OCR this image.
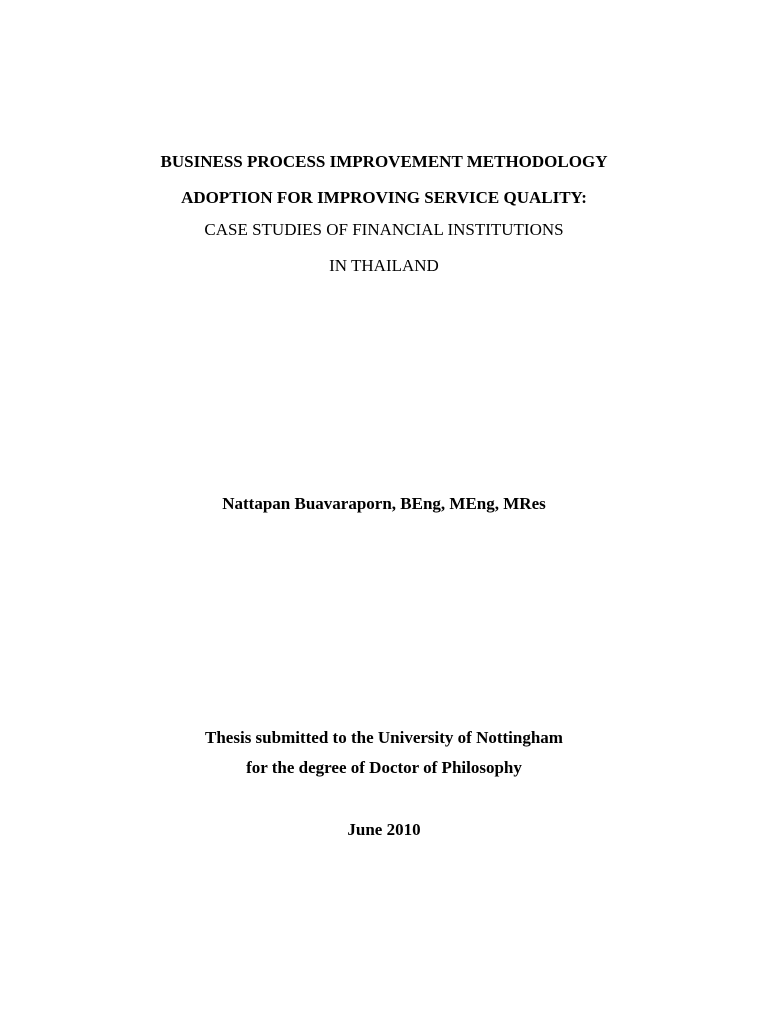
BUSINESS PROCESS IMPROVEMENT METHODOLOGY
ADOPTION FOR IMPROVING SERVICE QUALITY:
CASE STUDIES OF FINANCIAL INSTITUTIONS
IN THAILAND
Nattapan Buavaraporn, BEng, MEng, MRes
Thesis submitted to the University of Nottingham
for the degree of Doctor of Philosophy
June 2010
